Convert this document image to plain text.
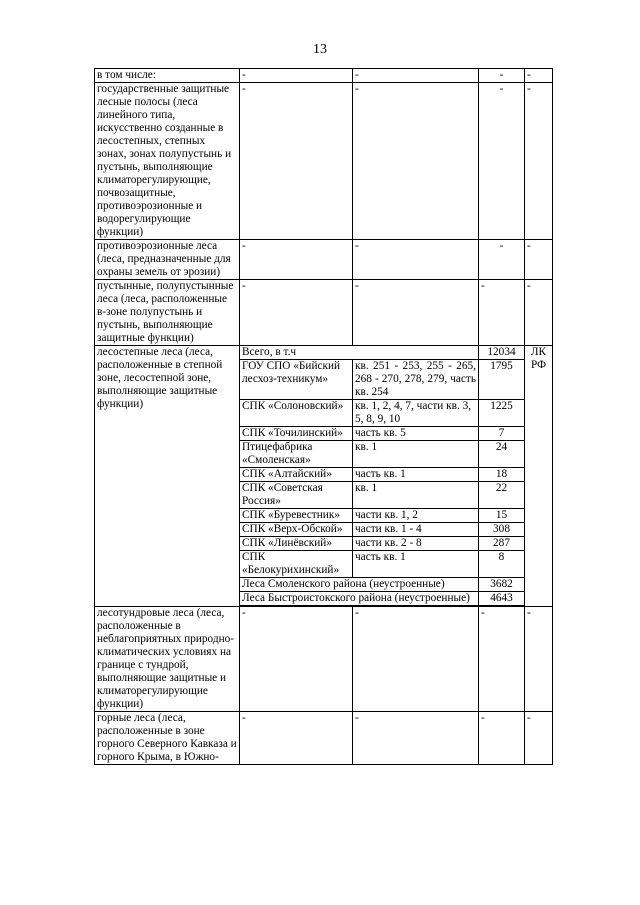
13
в том числе:	-	-	-	-
государственные защитные лесные полосы (леса линейного типа, искусственно созданные в лесостепных, степных зонах, зонах полупустынь и пустынь, выполняющие климаторегулирующие, почвозащитные, противоэрозионные и водорегулирующие функции)	-	-	-	-
противоэрозионные леса (леса, предназначенные для охраны земель от эрозии)	-	-	-	-
пустынные, полупустынные леса (леса, расположенные в-зоне полупустынь и пустынь, выполняющие защитные функции)	-	-	-	-
лесостепные леса (леса, расположенные в степной зоне, лесостепной зоне, выполняющие защитные функции)	Всего, в т.ч		12034	ЛК РФ
	ГОУ СПО «Бийский лесхоз-техникум»	кв. 251 - 253, 255 - 265, 268 - 270, 278, 279, часть кв. 254	1795	
	СПК «Солоновский»	кв. 1, 2, 4, 7, части кв. 3, 5, 8, 9, 10	1225	
	СПК «Точилинский»	часть кв. 5	7	
	Птицефабрика «Смоленская»	кв. 1	24	
	СПК «Алтайский»	часть кв. 1	18	
	СПК «Советская Россия»	кв. 1	22	
	СПК «Буревестник»	части кв. 1, 2	15	
	СПК «Верх-Обской»	части кв. 1 - 4	308	
	СПК «Линёвский»	части кв. 2 - 8	287	
	СПК «Белокурихинский»	часть кв. 1	8	
	Леса Смоленского района (неустроенные)		3682	
	Леса Быстроистокского района (неустроенные)		4643	

лесотундровые леса (леса, расположенные в неблагоприятных природно-климатических условиях на границе с тундрой, выполняющие защитные и климаторегулирующие функции)	-	-	-	-
горные леса (леса, расположенные в зоне горного Северного Кавказа и горного Крыма, в Южно-	-	-	-	-
